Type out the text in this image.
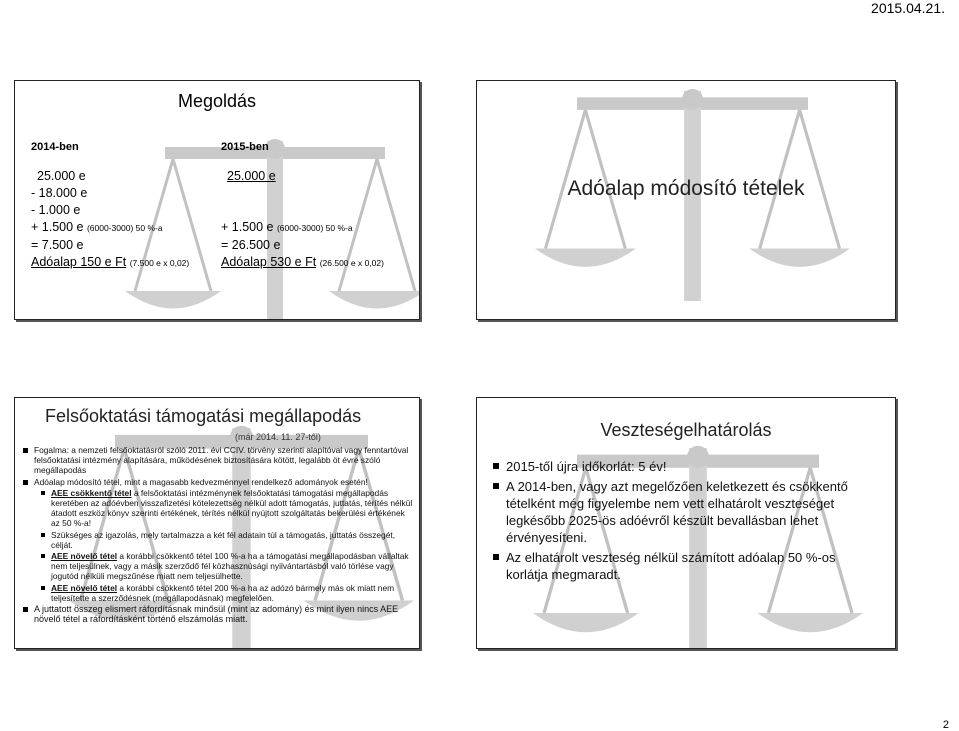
2015.04.21.
Megoldás
2014-ben
25.000 e
- 18.000 e
- 1.000 e
+ 1.500 e (6000-3000) 50 %-a
= 7.500 e
Adóalap 150 e Ft (7.500 e x 0,02)
2015-ben
25.000 e
+ 1.500 e (6000-3000) 50 %-a
= 26.500 e
Adóalap 530 e Ft (26.500 e x 0,02)
Adóalap módosító tételek
Felsőoktatási támogatási megállapodás
(már 2014. 11. 27-től)
Fogalma: a nemzeti felsőoktatásról szóló 2011. évi CCIV. törvény szerinti alapítóval vagy fenntartóval felsőoktatási intézmény alapítására, működésének biztosítására kötött, legalább öt évre szóló megállapodás
Adóalap módosító tétel, mint a magasabb kedvezménnyel rendelkező adományok esetén!
AEE csökkentő tétel a felsőoktatási intézménynek felsőoktatási támogatási megállapodás keretében az adóévben visszafizetési kötelezettség nélkül adott támogatás, juttatás, térítés nélkül átadott eszköz könyv szerinti értékének, térítés nélkül nyújtott szolgáltatás bekerülési értékének az 50 %-a!
Szükséges az igazolás, mely tartalmazza a két fél adatain túl a támogatás, juttatás összegét, célját.
AEE növelő tétel a korábbi csökkentő tétel 100 %-a ha a támogatási megállapodásban vállaltak nem teljesülnek, vagy a másik szerződő fél közhasznúsági nyilvántartásból való törlése vagy jogutód nélküli megszűnése miatt nem teljesülhette.
AEE növelő tétel a korábbi csökkentő tétel 200 %-a ha az adózó bármely más ok miatt nem teljesítette a szerződésnek (megállapodásnak) megfelelően.
A juttatott összeg elismert ráfordításnak minősül (mint az adomány) és mint ilyen nincs AEE növelő tétel a ráfordításként történő elszámolás miatt.
Veszteségelhatárolás
2015-től újra időkorlát: 5 év!
A 2014-ben, vagy azt megelőzően keletkezett és csökkentő tételként még figyelembe nem vett elhatárolt veszteséget legkésőbb 2025-ös adóévről készült bevallásban lehet érvényesíteni.
Az elhatárolt veszteség nélkül számított adóalap 50 %-os korlátja megmaradt.
2
